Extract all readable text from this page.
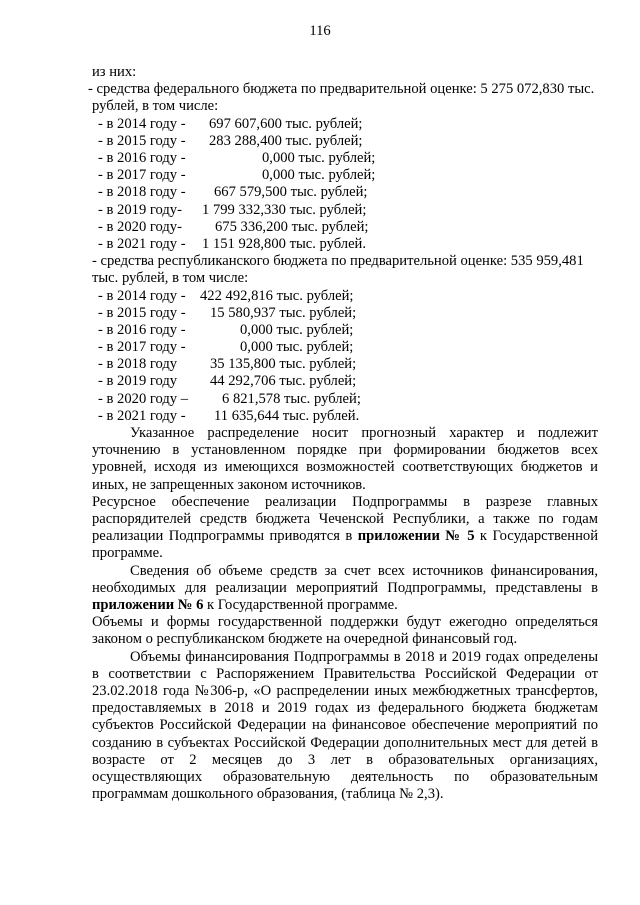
116
из них:
- средства федерального бюджета по предварительной оценке: 5 275 072,830 тыс.
рублей, в том числе:
- в 2014 году - 697 607,600 тыс. рублей;
- в 2015 году - 283 288,400 тыс. рублей;
- в 2016 году -	0,000 тыс. рублей;
- в 2017 году -	0,000 тыс. рублей;
- в 2018 году - 667 579,500 тыс. рублей;
- в 2019 году- 1 799 332,330 тыс. рублей;
- в 2020 году- 675 336,200 тыс. рублей;
- в 2021 году - 1 151 928,800 тыс. рублей.
- средства республиканского бюджета по предварительной оценке: 535 959,481
тыс. рублей, в том числе:
- в 2014 году - 422 492,816 тыс. рублей;
- в 2015 году - 15 580,937 тыс. рублей;
- в 2016 году -	0,000 тыс. рублей;
- в 2017 году -	0,000 тыс. рублей;
- в 2018 году 35 135,800 тыс. рублей;
- в 2019 году 44 292,706 тыс. рублей;
- в 2020 году – 6 821,578 тыс. рублей;
- в 2021 году - 11 635,644 тыс. рублей.

Указанное распределение носит прогнозный характер и подлежит уточнению в установленном порядке при формировании бюджетов всех уровней, исходя из имеющихся возможностей соответствующих бюджетов и иных, не запрещенных законом источников.

Ресурсное обеспечение реализации Подпрограммы в разрезе главных распорядителей средств бюджета Чеченской Республики, а также по годам реализации Подпрограммы приводятся в приложении № 5 к Государственной программе.

Сведения об объеме средств за счет всех источников финансирования, необходимых для реализации мероприятий Подпрограммы, представлены в приложении № 6 к Государственной программе.

Объемы и формы государственной поддержки будут ежегодно определяться законом о республиканском бюджете на очередной финансовый год.

Объемы финансирования Подпрограммы в 2018 и 2019 годах определены в соответствии с Распоряжением Правительства Российской Федерации от 23.02.2018 года №306-р, «О распределении иных межбюджетных трансфертов, предоставляемых в 2018 и 2019 годах из федерального бюджета бюджетам субъектов Российской Федерации на финансовое обеспечение мероприятий по созданию в субъектах Российской Федерации дополнительных мест для детей в возрасте от 2 месяцев до 3 лет в образовательных организациях, осуществляющих образовательную деятельность по образовательным программам дошкольного образования, (таблица № 2,3).
